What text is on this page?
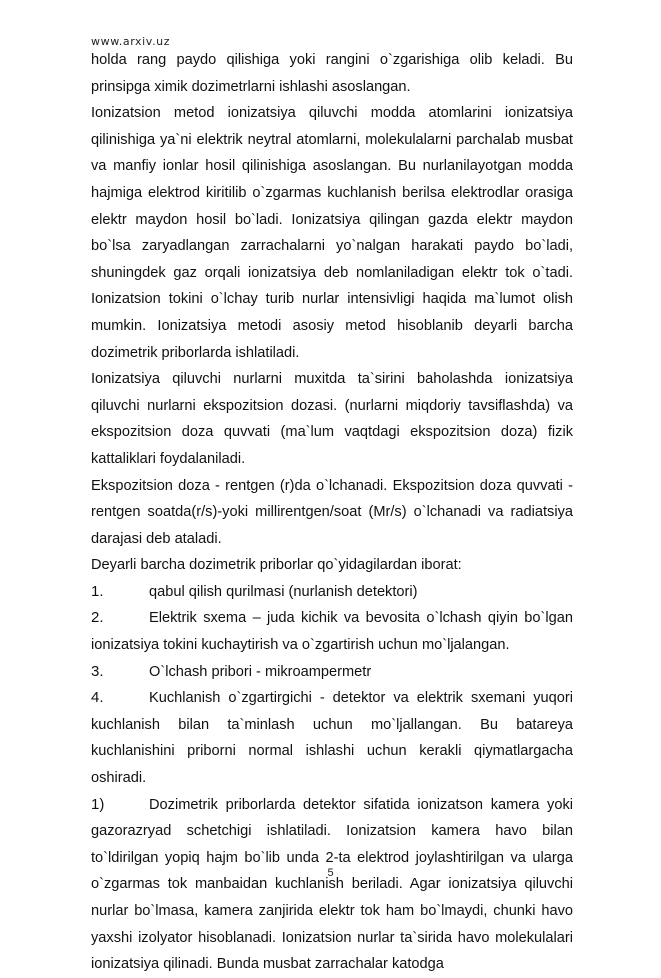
www.arxiv.uz

holda rang paydo qilishiga yoki rangini o`zgarishiga olib keladi. Bu prinsipga ximik dozimetrlarni ishlashi asoslangan.

Ionizatsion metod ionizatsiya qiluvchi modda atomlarini ionizatsiya qilinishiga ya`ni elektrik neytral atomlarni, molekulalarni parchalab musbat va manfiy ionlar hosil qilinishiga asoslangan. Bu nurlanilayotgan modda hajmiga elektrod kiritilib o`zgarmas kuchlanish berilsa elektrodlar orasiga elektr maydon hosil bo`ladi. Ionizatsiya qilingan gazda elektr maydon bo`lsa zaryadlangan zarrachalarni yo`nalgan harakati paydo bo`ladi, shuningdek gaz orqali ionizatsiya deb nomlaniladigan elektr tok o`tadi. Ionizatsion tokini o`lchay turib nurlar intensivligi haqida ma`lumot olish mumkin. Ionizatsiya metodi asosiy metod hisoblanib deyarli barcha dozimetrik priborlarda ishlatiladi.

Ionizatsiya qiluvchi nurlarni muxitda ta`sirini baholashda ionizatsiya qiluvchi nurlarni ekspozitsion dozasi. (nurlarni miqdoriy tavsiflashda) va ekspozitsion doza quvvati (ma`lum vaqtdagi ekspozitsion doza) fizik kattaliklari foydalaniladi.

Ekspozitsion doza - rentgen (r)da o`lchanadi. Ekspozitsion doza quvvati - rentgen soatda(r/s)-yoki millirentgen/soat (Mr/s) o`lchanadi va radiatsiya darajasi deb ataladi.

Deyarli barcha dozimetrik priborlar qo`yidagilardan iborat:

1.	qabul qilish qurilmasi (nurlanish detektori)

2.	Elektrik sxema – juda kichik va bevosita o`lchash qiyin bo`lgan ionizatsiya tokini kuchaytirish va o`zgartirish uchun mo`ljalangan.

3.	O`lchash pribori - mikroampermetr

4.	Kuchlanish o`zgartirgichi - detektor va elektrik sxemani yuqori kuchlanish bilan ta`minlash uchun mo`ljallangan. Bu batareya kuchlanishini priborni normal ishlashi uchun kerakli qiymatlargacha oshiradi.

1)	Dozimetrik priborlarda detektor sifatida ionizatson kamera yoki gazorazryad schetchigi ishlatiladi. Ionizatsion kamera havo bilan to`ldirilgan yopiq hajm bo`lib unda 2-ta elektrod joylashtirilgan va ularga o`zgarmas tok manbaidan kuchlanish beriladi. Agar ionizatsiya qiluvchi nurlar bo`lmasa, kamera zanjirida elektr tok ham bo`lmaydi, chunki havo yaxshi izolyator hisoblanadi. Ionizatsion nurlar ta`sirida havo molekulalari ionizatsiya qilinadi. Bunda musbat zarrachalar katodga

5
